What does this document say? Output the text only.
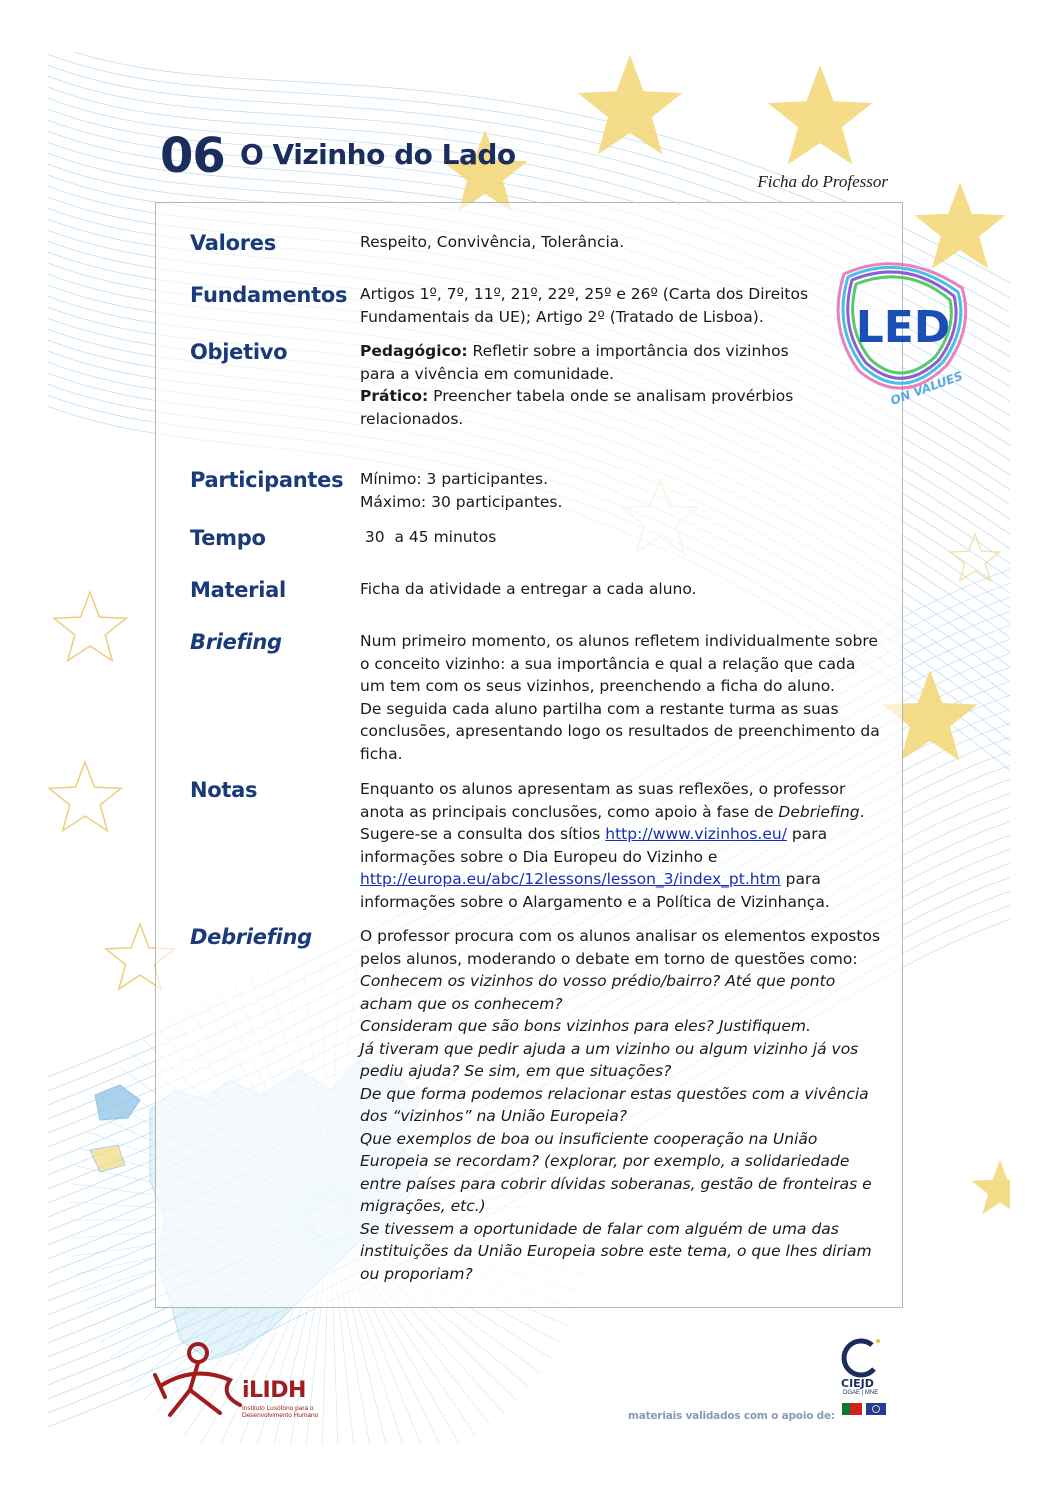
06 O Vizinho do Lado
Ficha do Professor
LED
ON VALUES
Valores	Respeito, Convivência, Tolerância.
Fundamentos Artigos 1º, 7º, 11º, 21º, 22º, 25º e 26º (Carta dos Direitos

Fundamentais da UE); Artigo 2º (Tratado de Lisboa).

Objetivo	Pedagógico: Refletir sobre a importância dos vizinhos para a vivência em comunidade.

Prático: Preencher tabela onde se analisam provérbios relacionados.

Participantes Mínimo: 3 participantes.

Máximo: 30 participantes.

Tempo	30  a 45 minutos
Material	Ficha da atividade a entregar a cada aluno.
Briefing	Num primeiro momento, os alunos refletem individualmente sobre o conceito vizinho: a sua importância e qual a relação que cada um tem com os seus vizinhos, preenchendo a ficha do aluno.

De seguida cada aluno partilha com a restante turma as suas conclusões, apresentando logo os resultados de preenchimento da ficha.

Notas	Enquanto os alunos apresentam as suas reflexões, o professor anota as principais conclusões, como apoio à fase de Debriefing.

Sugere-se a consulta dos sítios http://www.vizinhos.eu/ para informações sobre o Dia Europeu do Vizinho e http://europa.eu/abc/12lessons/lesson_3/index_pt.htm para informações sobre o Alargamento e a Política de Vizinhança.

Debriefing	O professor procura com os alunos analisar os elementos expostos pelos alunos, moderando o debate em torno de questões como:

Conhecem os vizinhos do vosso prédio/bairro? Até que ponto acham que os conhecem?

Consideram que são bons vizinhos para eles? Justifiquem.

Já tiveram que pedir ajuda a um vizinho ou algum vizinho já vos pediu ajuda? Se sim, em que situações?

De que forma podemos relacionar estas questões com a vivência dos “vizinhos” na União Europeia?

Que exemplos de boa ou insuficiente cooperação na União Europeia se recordam? (explorar, por exemplo, a solidariedade entre países para cobrir dívidas soberanas, gestão de fronteiras e migrações, etc.)

Se tivessem a oportunidade de falar com alguém de uma das instituições da União Europeia sobre este tema, o que lhes diriam ou proporiam?

iLIDH
Instituto Lusófono para o Desenvolvimento Humano
CIEJD
DGAE | MNE
materiais validados com o apoio de:
